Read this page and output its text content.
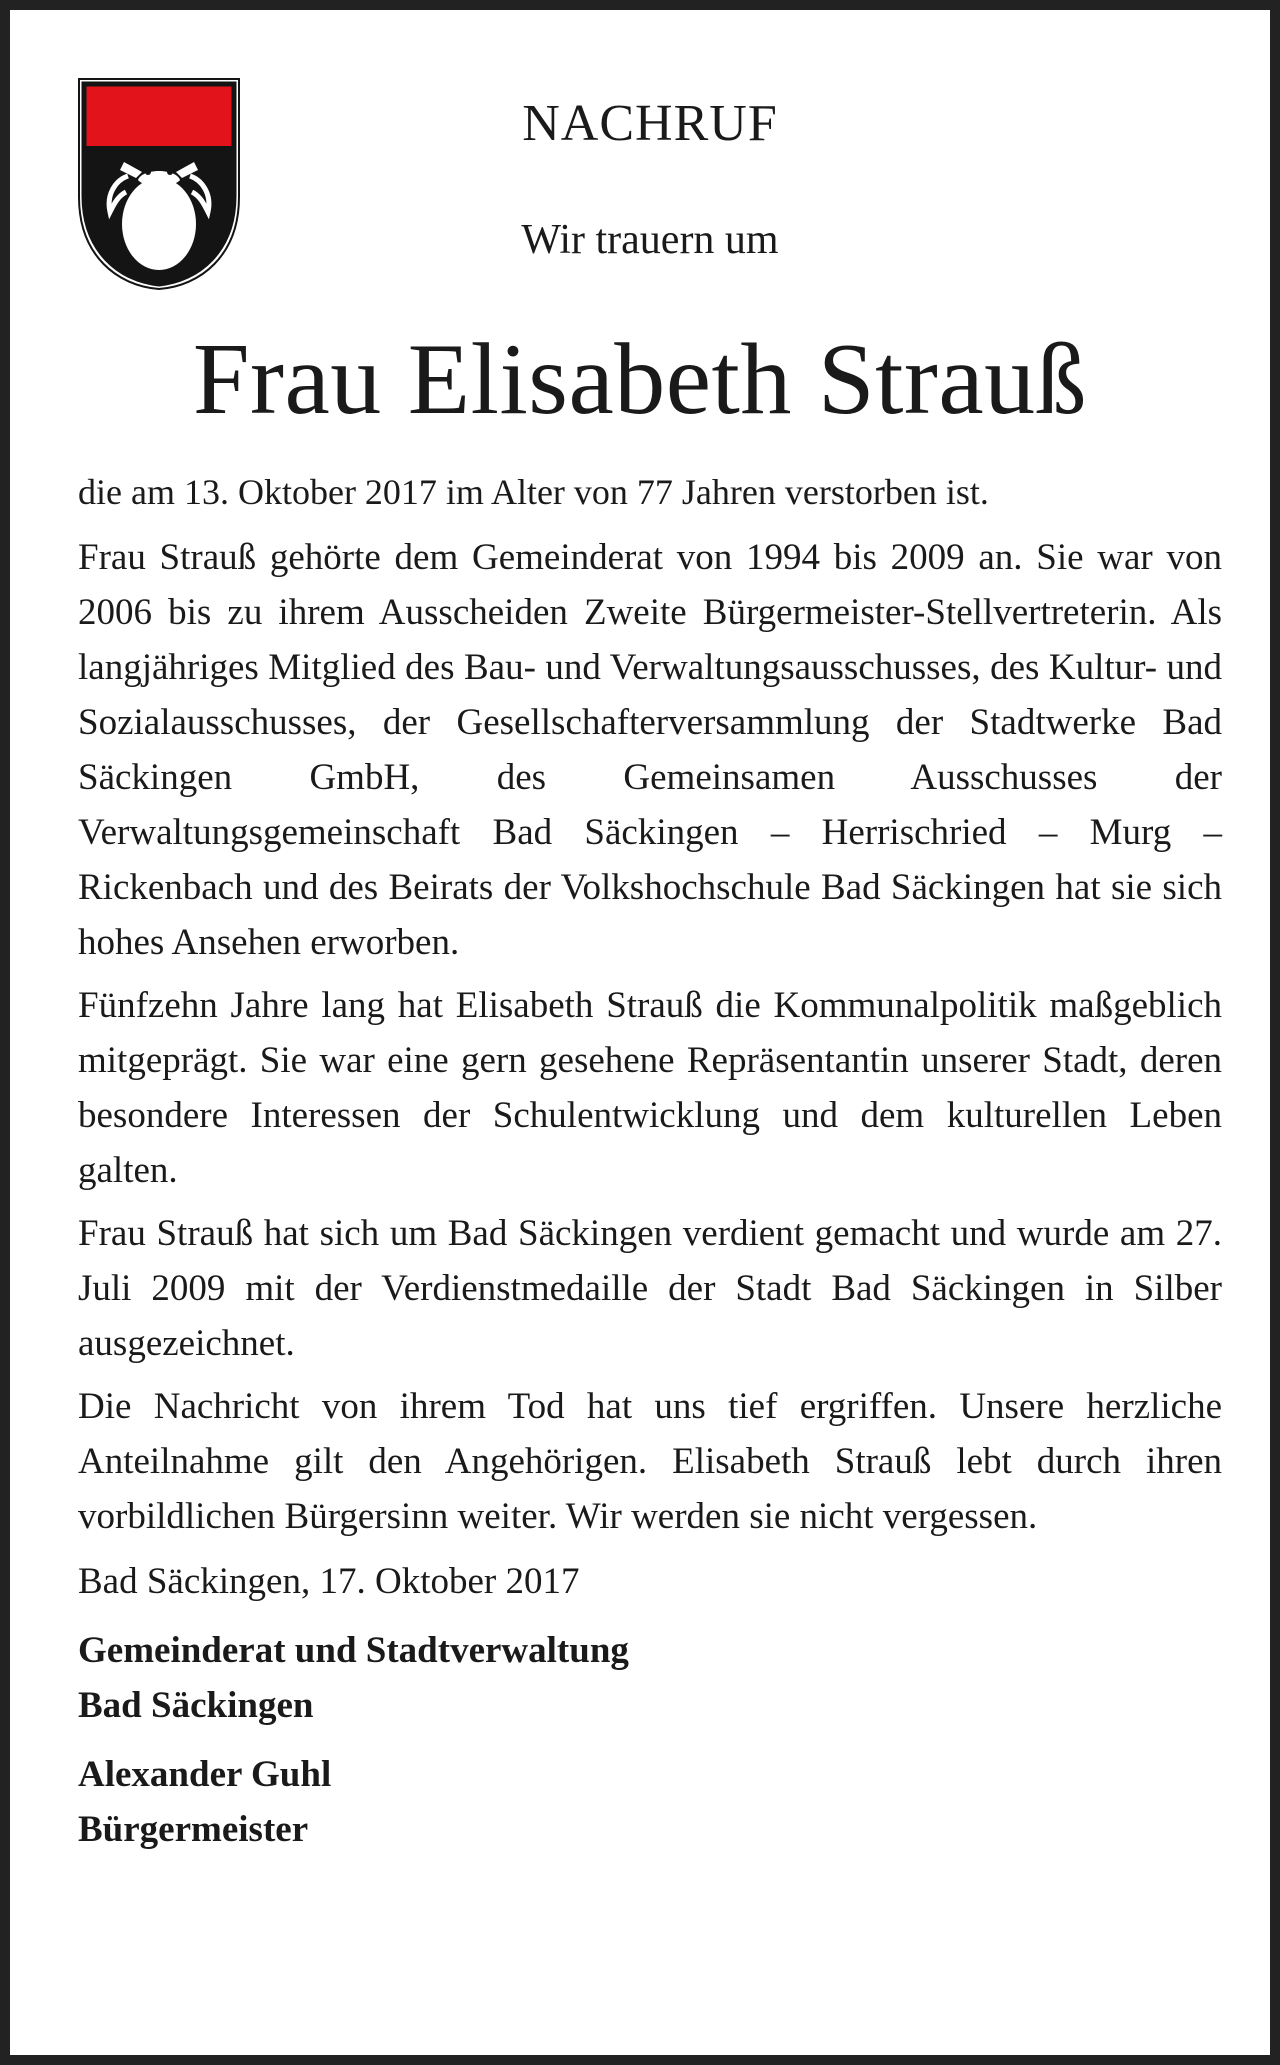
NACHRUF
Wir trauern um
Frau Elisabeth Strauß

die am 13. Oktober 2017 im Alter von 77 Jahren verstorben ist.

Frau Strauß gehörte dem Gemeinderat von 1994 bis 2009 an. Sie war von 2006 bis zu ihrem Ausscheiden Zweite Bürgermeister-Stellvertreterin. Als langjähriges Mitglied des Bau- und Verwaltungsausschusses, des Kultur- und Sozialausschusses, der Gesellschafterversammlung der Stadtwerke Bad Säckingen GmbH, des Gemeinsamen Ausschusses der Verwaltungsgemeinschaft Bad Säckingen – Herrischried – Murg – Rickenbach und des Beirats der Volkshochschule Bad Säckingen hat sie sich hohes Ansehen erworben.

Fünfzehn Jahre lang hat Elisabeth Strauß die Kommunalpolitik maßgeblich mitgeprägt. Sie war eine gern gesehene Repräsentantin unserer Stadt, deren besondere Interessen der Schulentwicklung und dem kulturellen Leben galten.

Frau Strauß hat sich um Bad Säckingen verdient gemacht und wurde am 27. Juli 2009 mit der Verdienstmedaille der Stadt Bad Säckingen in Silber ausgezeichnet.

Die Nachricht von ihrem Tod hat uns tief ergriffen. Unsere herzliche Anteilnahme gilt den Angehörigen. Elisabeth Strauß lebt durch ihren vorbildlichen Bürgersinn weiter. Wir werden sie nicht vergessen.

Bad Säckingen, 17. Oktober 2017

Gemeinderat und Stadtverwaltung
Bad Säckingen
Alexander Guhl
Bürgermeister
